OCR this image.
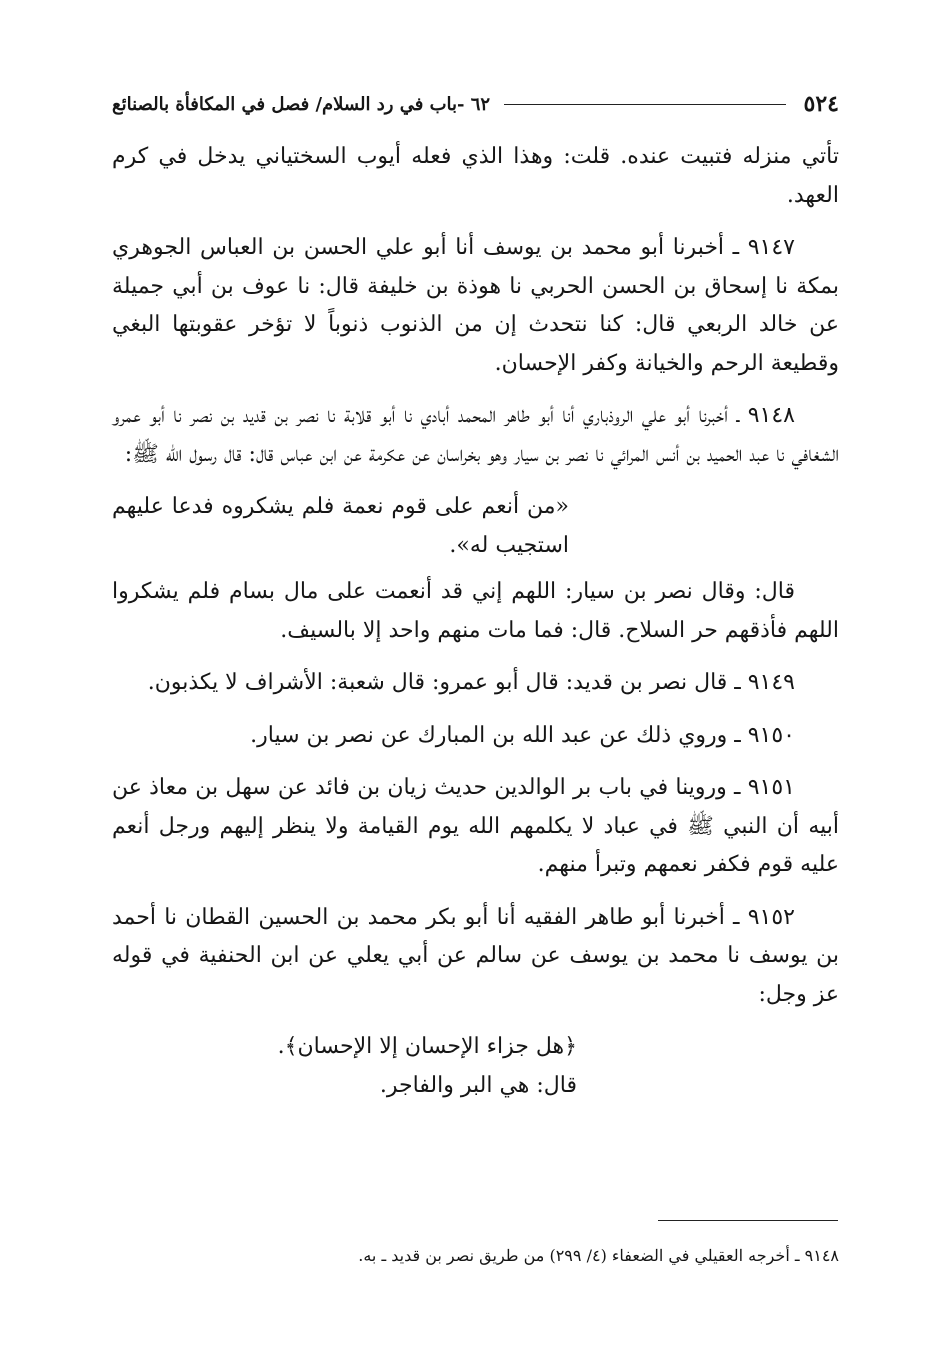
٥٢٤
٦٢ -باب في رد السلام/ فصل في المكافأة بالصنائع

تأتي منزله فتبيت عنده. قلت: وهذا الذي فعله أيوب السختياني يدخل في كرم العهد.

٩١٤٧ ـ أخبرنا أبو محمد بن يوسف أنا أبو علي الحسن بن العباس الجوهري بمكة نا إسحاق بن الحسن الحربي نا هوذة بن خليفة قال: نا عوف بن أبي جميلة عن خالد الربعي قال: كنا نتحدث إن من الذنوب ذنوباً لا تؤخر عقوبتها البغي وقطيعة الرحم والخيانة وكفر الإحسان.

٩١٤٨ ـ أخبرنا أبو علي الروذباري أنا أبو طاهر المحمد أبادي نا أبو قلابة نا نصر بن قديد بن نصر نا أبو عمرو الشغافي نا عبد الحميد بن أنس المرائي نا نصر بن سيار وهو بخراسان عن عكرمة عن ابن عباس قال: قال رسول الله ﷺ:

«من أنعم على قوم نعمة فلم يشكروه فدعا عليهم استجيب له».

قال: وقال نصر بن سيار: اللهم إني قد أنعمت على مال بسام فلم يشكروا اللهم فأذقهم حر السلاح. قال: فما مات منهم واحد إلا بالسيف.

٩١٤٩ ـ قال نصر بن قديد: قال أبو عمرو: قال شعبة: الأشراف لا يكذبون.

٩١٥٠ ـ وروي ذلك عن عبد الله بن المبارك عن نصر بن سيار.

٩١٥١ ـ وروينا في باب بر الوالدين حديث زيان بن فائد عن سهل بن معاذ عن أبيه أن النبي ﷺ في عباد لا يكلمهم الله يوم القيامة ولا ينظر إليهم ورجل أنعم عليه قوم فكفر نعمهم وتبرأ منهم.

٩١٥٢ ـ أخبرنا أبو طاهر الفقيه أنا أبو بكر محمد بن الحسين القطان نا أحمد بن يوسف نا محمد بن يوسف عن سالم عن أبي يعلي عن ابن الحنفية في قوله عز وجل:

﴿هل جزاء الإحسان إلا الإحسان﴾.

قال: هي البر والفاجر.

٩١٤٨ ـ أخرجه العقيلي في الضعفاء (٤/ ٢٩٩) من طريق نصر بن قديد ـ به.
